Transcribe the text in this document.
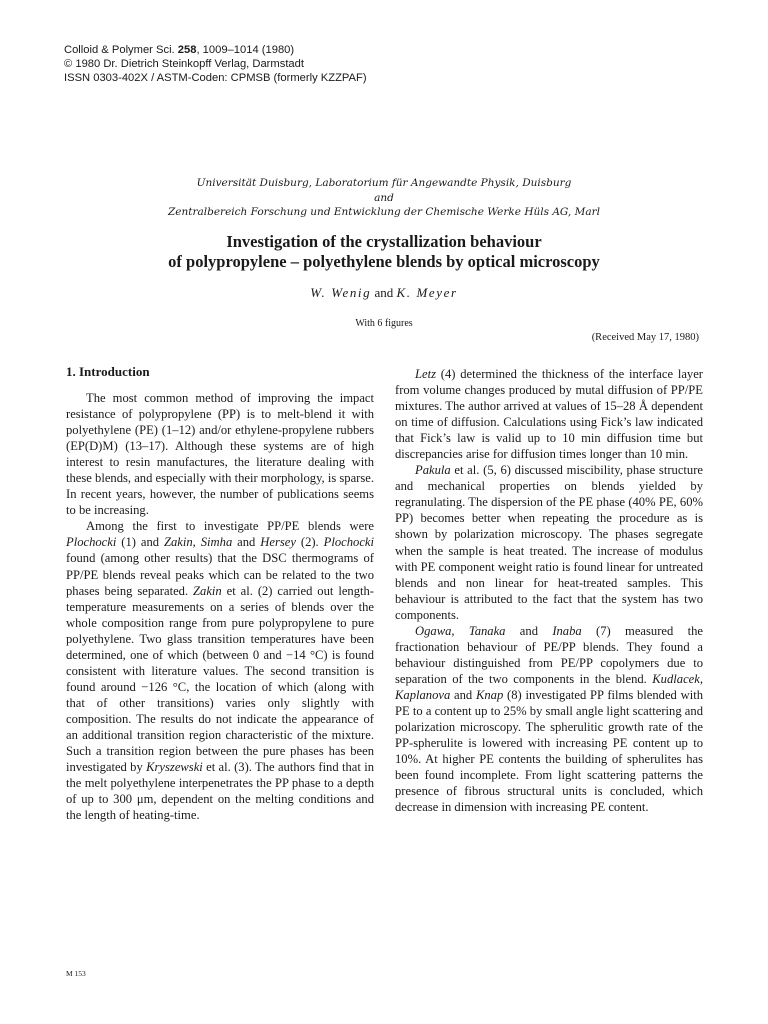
Colloid & Polymer Sci. 258, 1009–1014 (1980)
© 1980 Dr. Dietrich Steinkopff Verlag, Darmstadt
ISSN 0303-402X / ASTM-Coden: CPMSB (formerly KZZPAF)
Universität Duisburg, Laboratorium für Angewandte Physik, Duisburg
and
Zentralbereich Forschung und Entwicklung der Chemische Werke Hüls AG, Marl
Investigation of the crystallization behaviour
of polypropylene – polyethylene blends by optical microscopy
W. Wenig and K. Meyer
With 6 figures
(Received May 17, 1980)
1. Introduction

The most common method of improving the impact resistance of polypropylene (PP) is to melt-blend it with polyethylene (PE) (1–12) and/or ethylene-propylene rubbers (EP(D)M) (13–17). Although these systems are of high interest to resin manufactures, the literature dealing with these blends, and especially with their morphology, is sparse. In recent years, however, the number of publications seems to be increasing.

Among the first to investigate PP/PE blends were Plochocki (1) and Zakin, Simha and Hersey (2). Plochocki found (among other results) that the DSC thermograms of PP/PE blends reveal peaks which can be related to the two phases being separated. Zakin et al. (2) carried out length-temperature measurements on a series of blends over the whole composition range from pure polypropylene to pure polyethylene. Two glass transition temperatures have been determined, one of which (between 0 and −14 °C) is found consistent with literature values. The second transition is found around −126 °C, the location of which (along with that of other transitions) varies only slightly with composition. The results do not indicate the appearance of an additional transition region characteristic of the mixture. Such a transition region between the pure phases has been investigated by Kryszewski et al. (3). The authors find that in the melt polyethylene interpenetrates the PP phase to a depth of up to 300 μm, dependent on the melting conditions and the length of heating-time.

Letz (4) determined the thickness of the interface layer from volume changes produced by mutal diffusion of PP/PE mixtures. The author arrived at values of 15–28 Å dependent on time of diffusion. Calculations using Fick’s law indicated that Fick’s law is valid up to 10 min diffusion time but discrepancies arise for diffusion times longer than 10 min.

Pakula et al. (5, 6) discussed miscibility, phase structure and mechanical properties on blends yielded by regranulating. The dispersion of the PE phase (40% PE, 60% PP) becomes better when repeating the procedure as is shown by polarization microscopy. The phases segregate when the sample is heat treated. The increase of modulus with PE component weight ratio is found linear for untreated blends and non linear for heat-treated samples. This behaviour is attributed to the fact that the system has two components.

Ogawa, Tanaka and Inaba (7) measured the fractionation behaviour of PE/PP blends. They found a behaviour distinguished from PE/PP copolymers due to separation of the two components in the blend. Kudlacek, Kaplanova and Knap (8) investigated PP films blended with PE to a content up to 25% by small angle light scattering and polarization microscopy. The spherulitic growth rate of the PP-spherulite is lowered with increasing PE content up to 10%. At higher PE contents the building of spherulites has been found incomplete. From light scattering patterns the presence of fibrous structural units is concluded, which decrease in dimension with increasing PE content.

M 153
